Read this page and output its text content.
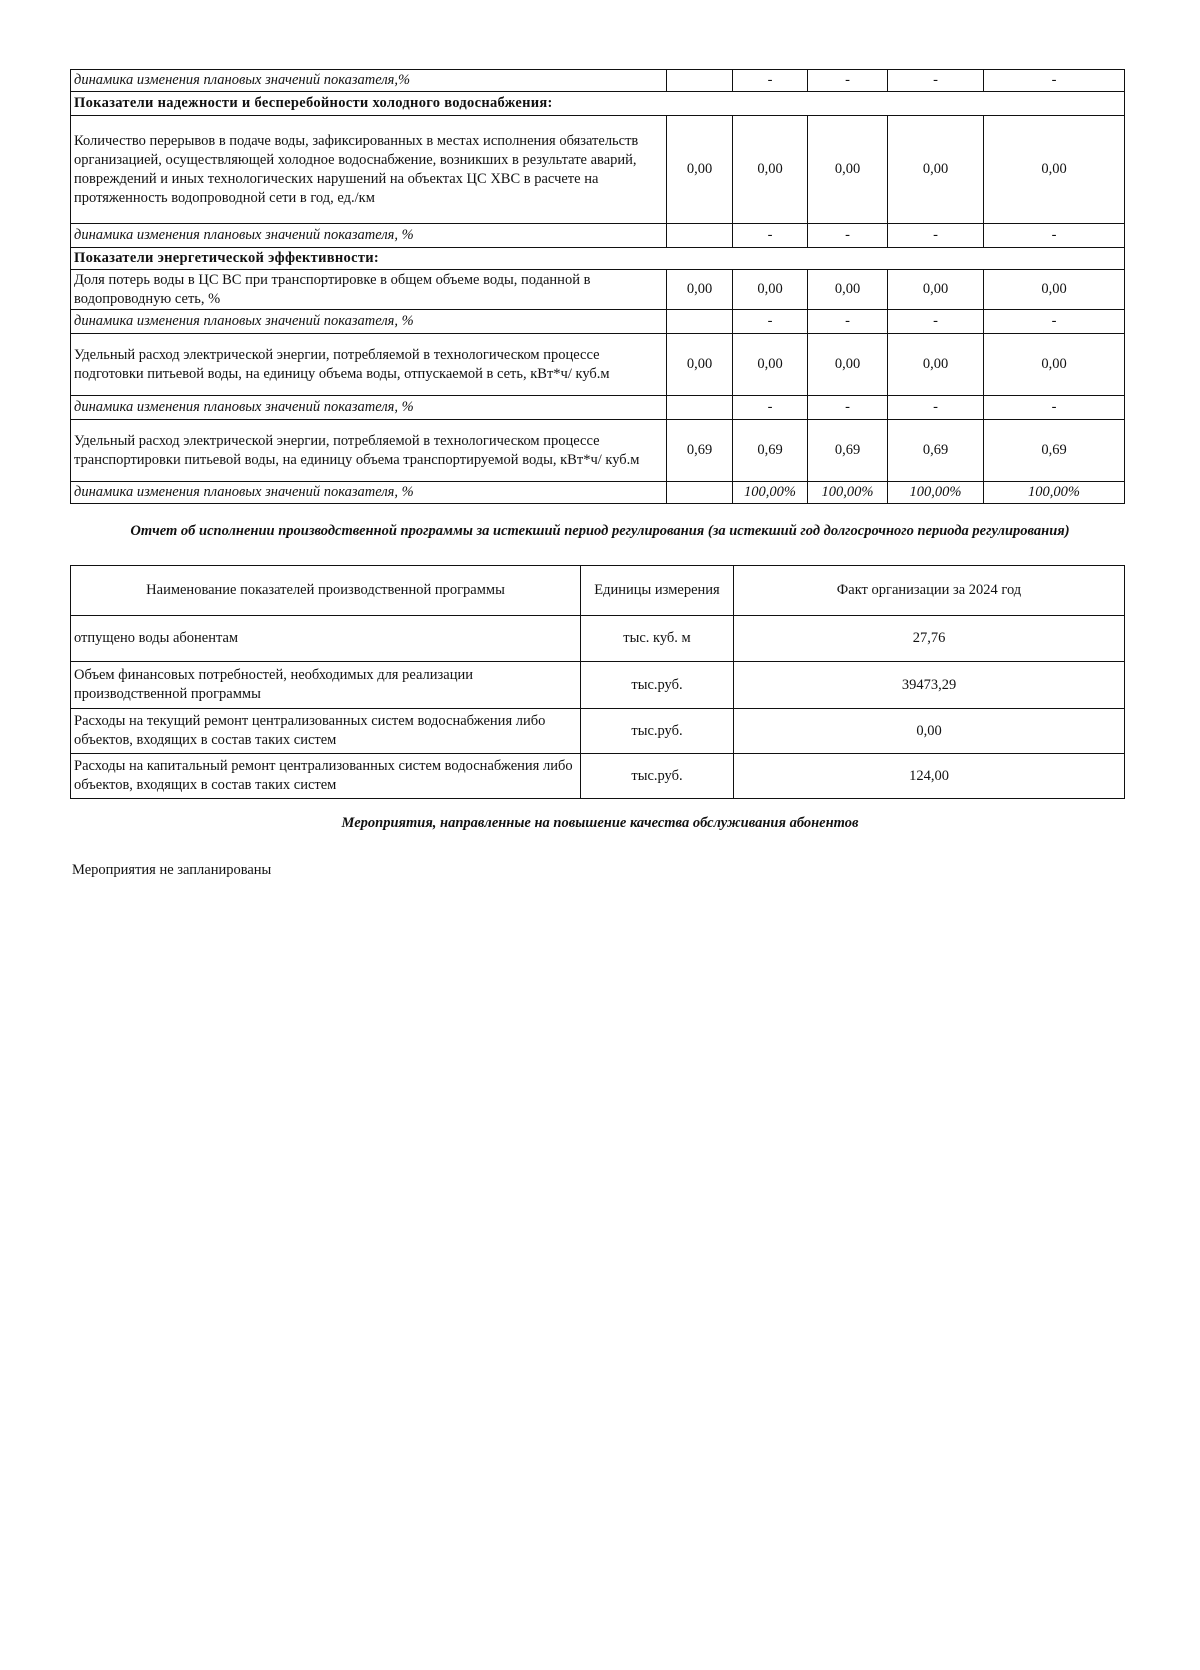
динамика изменения плановых значений показателя,%		-	-	-	-
Показатели надежности и бесперебойности холодного водоснабжения:					
Количество перерывов в подаче воды, зафиксированных в местах исполнения обязательств организацией, осуществляющей холодное водоснабжение, возникших в результате аварий, повреждений и иных технологических нарушений на объектах ЦС ХВС в расчете на протяженность водопроводной сети в год, ед./км	0,00	0,00	0,00	0,00	0,00
динамика изменения плановых значений показателя, %		-	-	-	-
Показатели энергетической эффективности:					
Доля потерь воды в ЦС ВС при транспортировке в общем объеме воды, поданной в водопроводную сеть, %	0,00	0,00	0,00	0,00	0,00
динамика изменения плановых значений показателя, %		-	-	-	-
Удельный расход электрической энергии, потребляемой в технологическом процессе подготовки питьевой воды, на единицу объема воды, отпускаемой в сеть, кВт*ч/ куб.м	0,00	0,00	0,00	0,00	0,00
динамика изменения плановых значений показателя, %		-	-	-	-
Удельный расход электрической энергии, потребляемой в технологическом процессе транспортировки питьевой воды, на единицу объема транспортируемой воды, кВт*ч/ куб.м	0,69	0,69	0,69	0,69	0,69
динамика изменения плановых значений показателя, %		100,00%	100,00%	100,00%	100,00%
Отчет об исполнении производственной программы за истекший период регулирования (за истекший год долгосрочного периода регулирования)
Наименование показателей производственной программы	Единицы измерения	Факт организации за 2024 год
отпущено воды абонентам	тыс. куб. м	27,76
Объем финансовых потребностей, необходимых для реализации производственной программы	тыс.руб.	39473,29
Расходы на текущий ремонт централизованных систем водоснабжения либо объектов, входящих в состав таких систем	тыс.руб.	0,00
Расходы на капитальный ремонт централизованных систем водоснабжения либо объектов, входящих в состав таких систем	тыс.руб.	124,00
Мероприятия, направленные на повышение качества обслуживания абонентов
Мероприятия не запланированы
